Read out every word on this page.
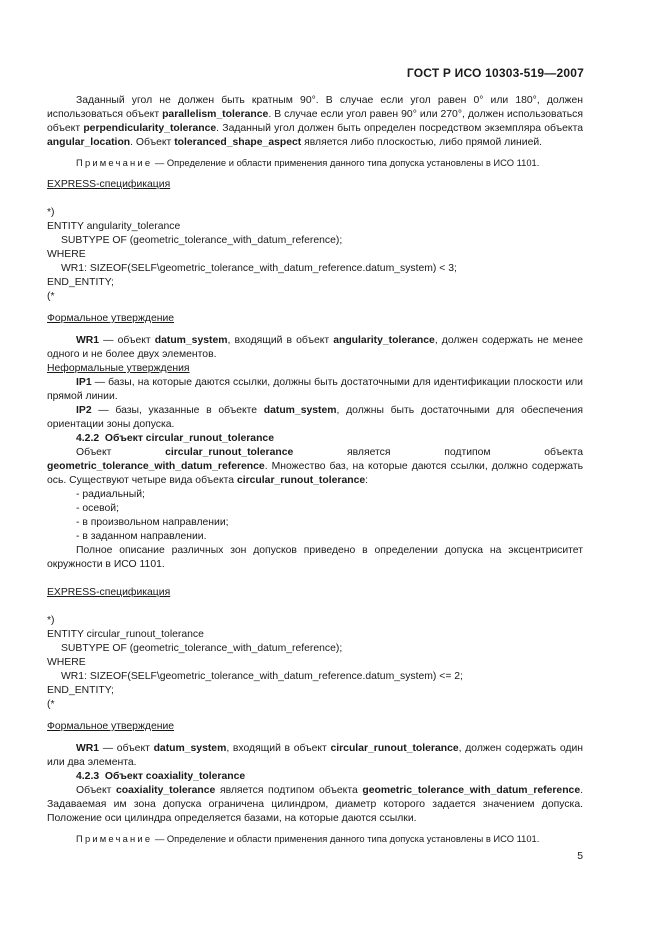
ГОСТ Р ИСО 10303-519—2007

Заданный угол не должен быть кратным 90°. В случае если угол равен 0° или 180°, должен использоваться объект parallelism_tolerance. В случае если угол равен 90° или 270°, должен использоваться объект perpendicularity_tolerance. Заданный угол должен быть определен посредством экземпляра объекта angular_location. Объект toleranced_shape_aspect является либо плоскостью, либо прямой линией.

Примечание — Определение и области применения данного типа допуска установлены в ИСО 1101.

EXPRESS-спецификация

*)
ENTITY angularity_tolerance
SUBTYPE OF (geometric_tolerance_with_datum_reference);
WHERE
WR1: SIZEOF(SELF\geometric_tolerance_with_datum_reference.datum_system) < 3;
END_ENTITY;
(*

Формальное утверждение

WR1 — объект datum_system, входящий в объект angularity_tolerance, должен содержать не менее одного и не более двух элементов.

Неформальные утверждения

IP1 — базы, на которые даются ссылки, должны быть достаточными для идентификации плоскости или прямой линии.

IP2 — базы, указанные в объекте datum_system, должны быть достаточными для обеспечения ориентации зоны допуска.

4.2.2 Объект circular_runout_tolerance

Объект circular_runout_tolerance является подтипом объекта geometric_tolerance_with_datum_reference. Множество баз, на которые даются ссылки, должно содержать ось. Существуют четыре вида объекта circular_runout_tolerance:

- радиальный;
- осевой;
- в произвольном направлении;
- в заданном направлении.

Полное описание различных зон допусков приведено в определении допуска на эксцентриситет окружности в ИСО 1101.

EXPRESS-спецификация

*)
ENTITY circular_runout_tolerance
SUBTYPE OF (geometric_tolerance_with_datum_reference);
WHERE
WR1: SIZEOF(SELF\geometric_tolerance_with_datum_reference.datum_system) <= 2;
END_ENTITY;
(*

Формальное утверждение

WR1 — объект datum_system, входящий в объект circular_runout_tolerance, должен содержать один или два элемента.

4.2.3 Объект coaxiality_tolerance

Объект coaxiality_tolerance является подтипом объекта geometric_tolerance_with_datum_reference. Задаваемая им зона допуска ограничена цилиндром, диаметр которого задается значением допуска. Положение оси цилиндра определяется базами, на которые даются ссылки.

Примечание — Определение и области применения данного типа допуска установлены в ИСО 1101.

5
